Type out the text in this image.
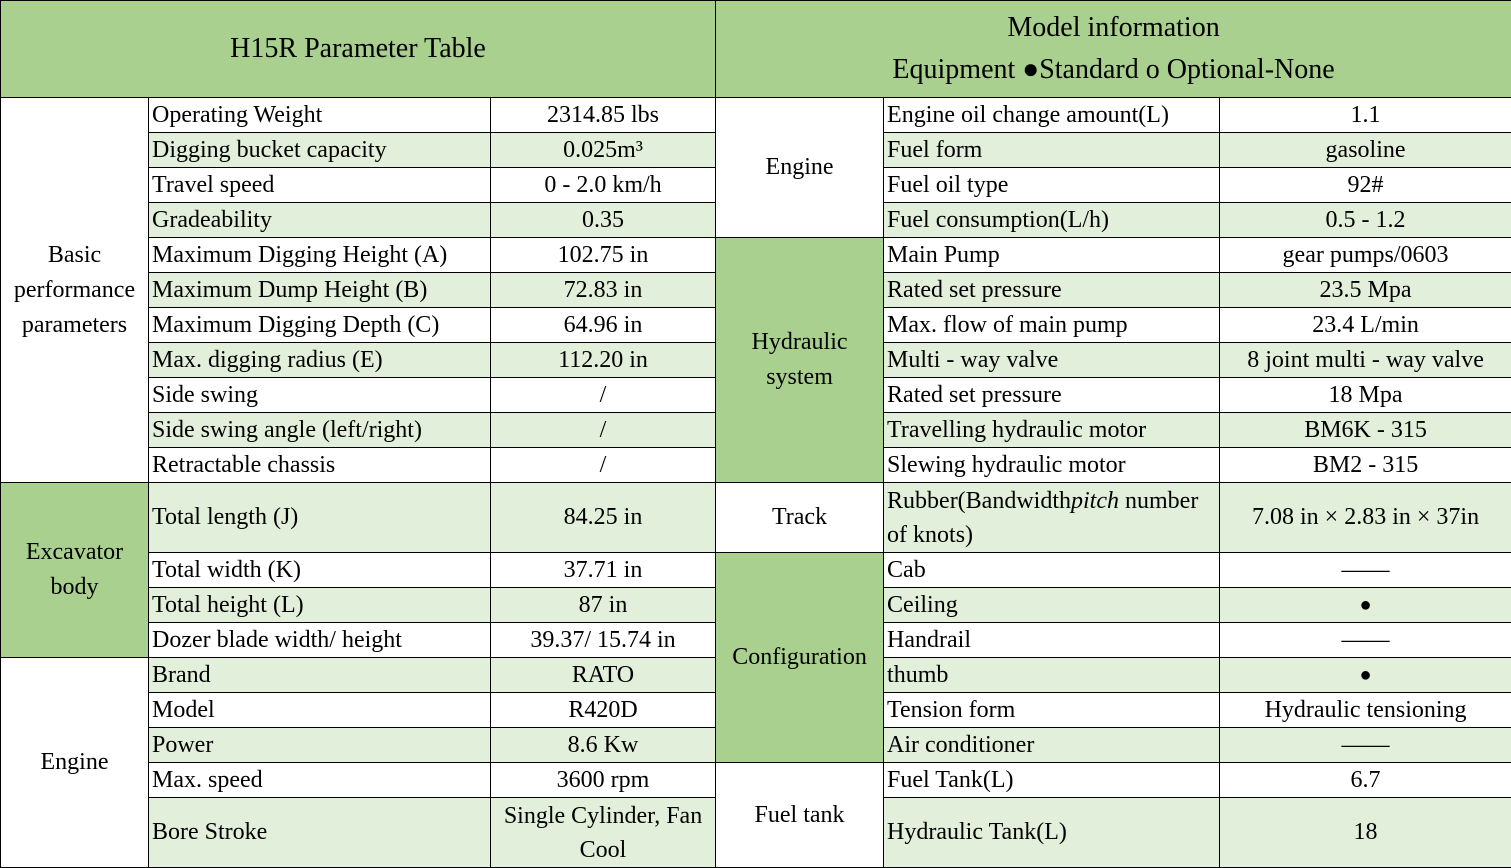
H15R Parameter Table			Model information
Equipment ●Standard o Optional-None		

Basic performance parameters	Operating Weight	2314.85 lbs	Engine	Engine oil change amount(L)	1.1
	Digging bucket capacity	0.025m³		Fuel form	gasoline
	Travel speed	0 - 2.0 km/h		Fuel oil type	92#
	Gradeability	0.35		Fuel consumption(L/h)	0.5 - 1.2
	Maximum Digging Height (A)	102.75 in	Hydraulic system	Main Pump	gear pumps/0603
	Maximum Dump Height (B)	72.83 in		Rated set pressure	23.5 Mpa
	Maximum Digging Depth (C)	64.96 in		Max. flow of main pump	23.4 L/min
	Max. digging radius (E)	112.20 in		Multi - way valve	8 joint multi - way valve
	Side swing	/		Rated set pressure	18 Mpa
	Side swing angle (left/right)	/		Travelling hydraulic motor	BM6K - 315
	Retractable chassis	/		Slewing hydraulic motor	BM2 - 315
Excavator body	Total length (J)	84.25 in	Track	Rubber(Bandwidthpitch number of knots)	7.08 in × 2.83 in × 37in
	Total width (K)	37.71 in	Configuration	Cab	——
	Total height (L)	87 in		Ceiling	●
	Dozer blade width/ height	39.37/ 15.74 in		Handrail	——
Engine	Brand	RATO		thumb	●
	Model	R420D		Tension form	Hydraulic tensioning
	Power	8.6 Kw		Air conditioner	——
	Max. speed	3600 rpm	Fuel tank	Fuel Tank(L)	6.7
	Bore Stroke	Single Cylinder, Fan Cool		Hydraulic Tank(L)	18
